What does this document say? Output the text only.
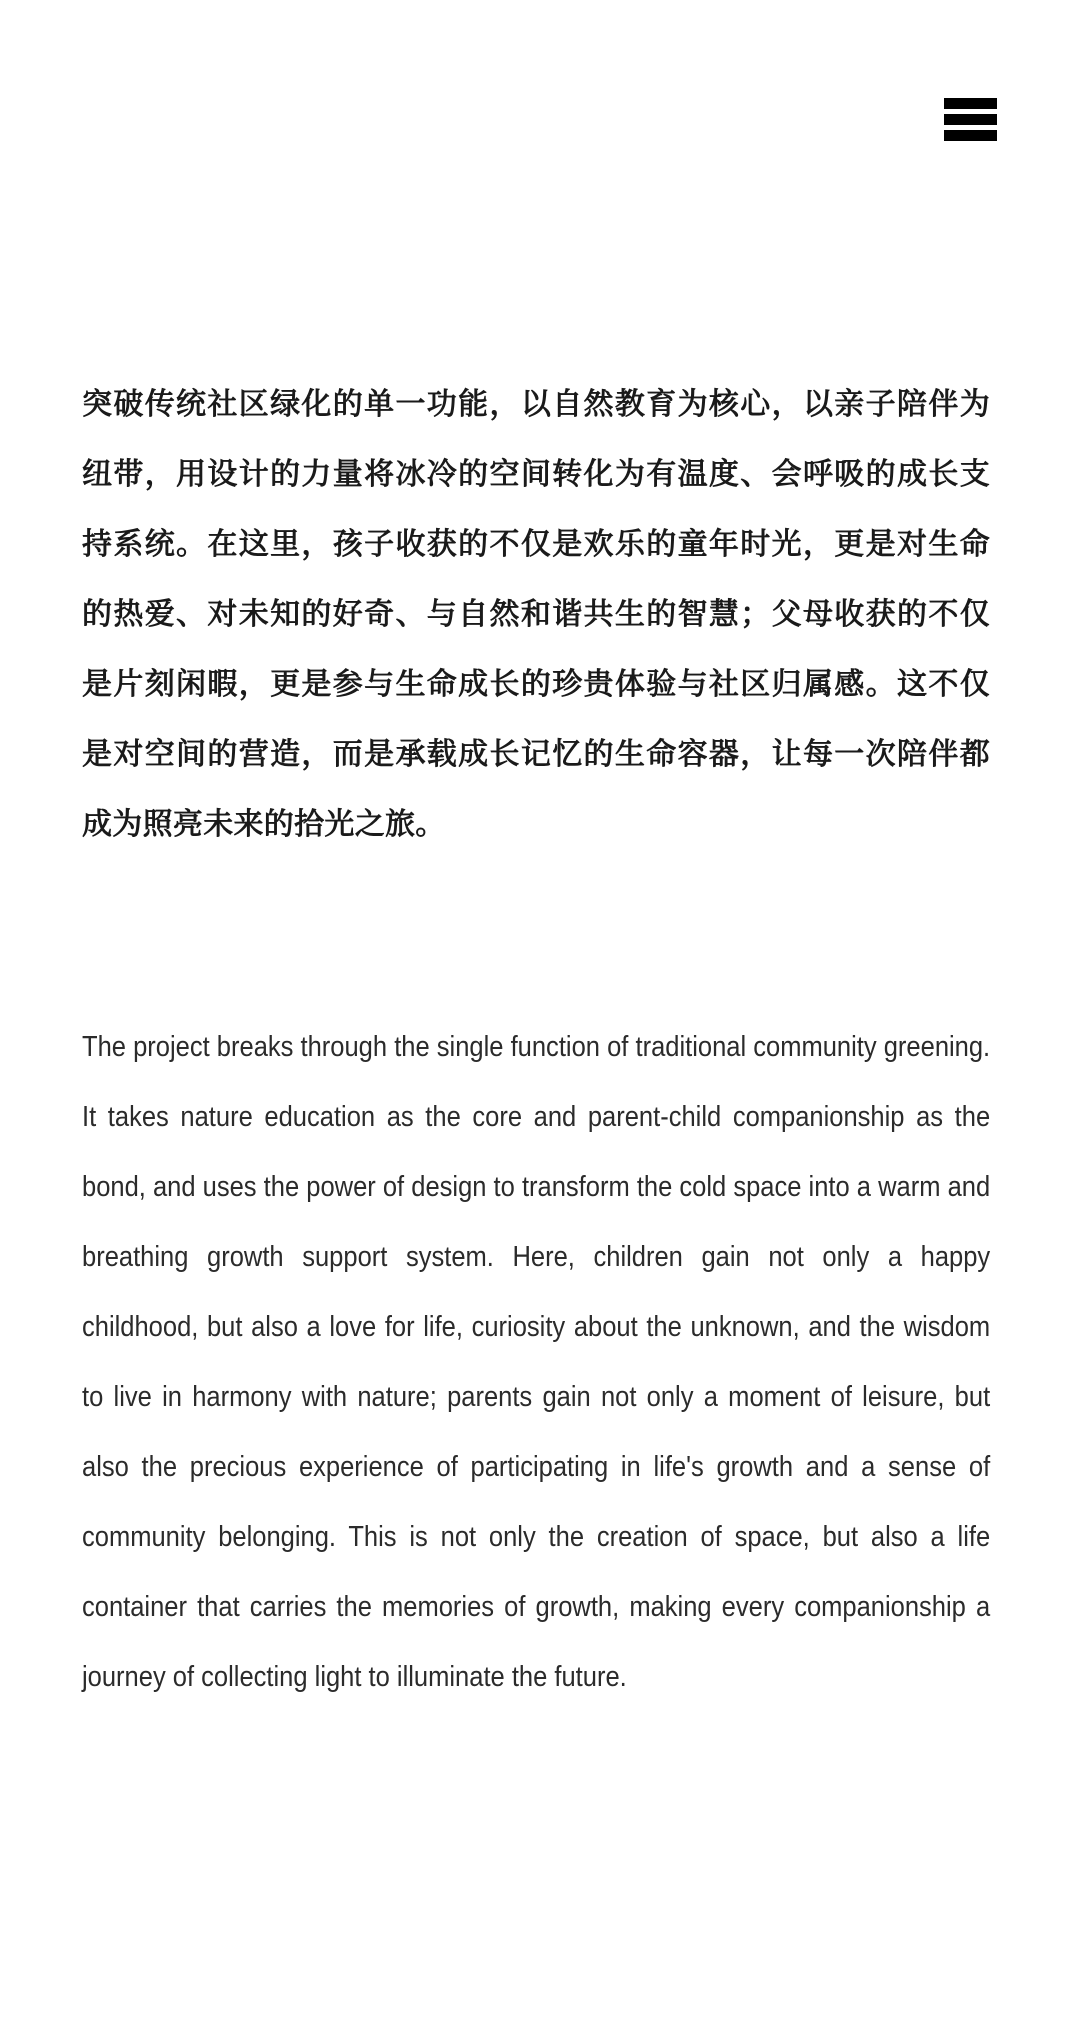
突破传统社区绿化的单一功能，以自然教育为核心，以亲子陪伴为纽带，用设计的力量将冰冷的空间转化为有温度、会呼吸的成长支持系统。在这里，孩子收获的不仅是欢乐的童年时光，更是对生命的热爱、对未知的好奇、与自然和谐共生的智慧；父母收获的不仅是片刻闲暇，更是参与生命成长的珍贵体验与社区归属感。这不仅是对空间的营造，而是承载成长记忆的生命容器，让每一次陪伴都成为照亮未来的拾光之旅。

The project breaks through the single function of traditional community greening. It takes nature education as the core and parent-child companionship as the bond, and uses the power of design to transform the cold space into a warm and breathing growth support system. Here, children gain not only a happy childhood, but also a love for life, curiosity about the unknown, and the wisdom to live in harmony with nature; parents gain not only a moment of leisure, but also the precious experience of participating in life's growth and a sense of community belonging. This is not only the creation of space, but also a life container that carries the memories of growth, making every companionship a journey of collecting light to illuminate the future.
